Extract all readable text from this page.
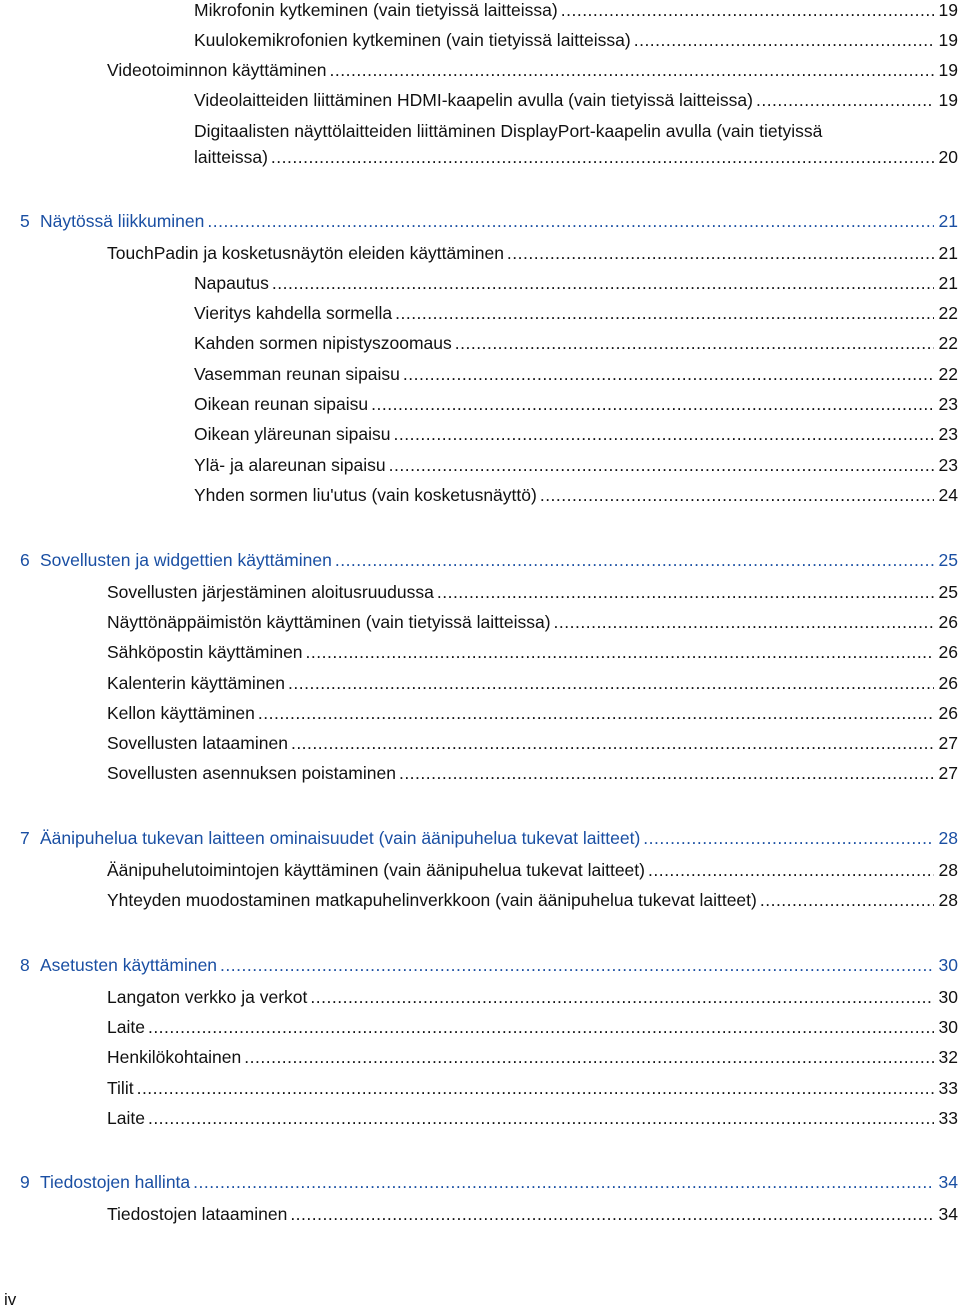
Mikrofonin kytkeminen (vain tietyissä laitteissa) .....	19
Kuulokemikrofonien kytkeminen (vain tietyissä laitteissa) .....	19
Videotoiminnon käyttäminen .....	19
Videolaitteiden liittäminen HDMI-kaapelin avulla (vain tietyissä laitteissa) .....	19
Digitaalisten näyttölaitteiden liittäminen DisplayPort-kaapelin avulla (vain tietyissä
laitteissa) .....	20
5 Näytössä liikkuminen .....	21
TouchPadin ja kosketusnäytön eleiden käyttäminen .....	21
Napautus .....	21
Vieritys kahdella sormella .....	22
Kahden sormen nipistyszoomaus .....	22
Vasemman reunan sipaisu .....	22
Oikean reunan sipaisu .....	23
Oikean yläreunan sipaisu .....	23
Ylä- ja alareunan sipaisu .....	23
Yhden sormen liu'utus (vain kosketusnäyttö) .....	24
6 Sovellusten ja widgettien käyttäminen .....	25
Sovellusten järjestäminen aloitusruudussa .....	25
Näyttönäppäimistön käyttäminen (vain tietyissä laitteissa) .....	26
Sähköpostin käyttäminen .....	26
Kalenterin käyttäminen .....	26
Kellon käyttäminen .....	26
Sovellusten lataaminen .....	27
Sovellusten asennuksen poistaminen .....	27
7 Äänipuhelua tukevan laitteen ominaisuudet (vain äänipuhelua tukevat laitteet) .....	28
Äänipuhelutoimintojen käyttäminen (vain äänipuhelua tukevat laitteet) .....	28
Yhteyden muodostaminen matkapuhelinverkkoon (vain äänipuhelua tukevat laitteet) .....	28
8 Asetusten käyttäminen .....	30
Langaton verkko ja verkot .....	30
Laite .....	30
Henkilökohtainen .....	32
Tilit .....	33
Laite .....	33
9 Tiedostojen hallinta .....	34
Tiedostojen lataaminen .....	34
iv
